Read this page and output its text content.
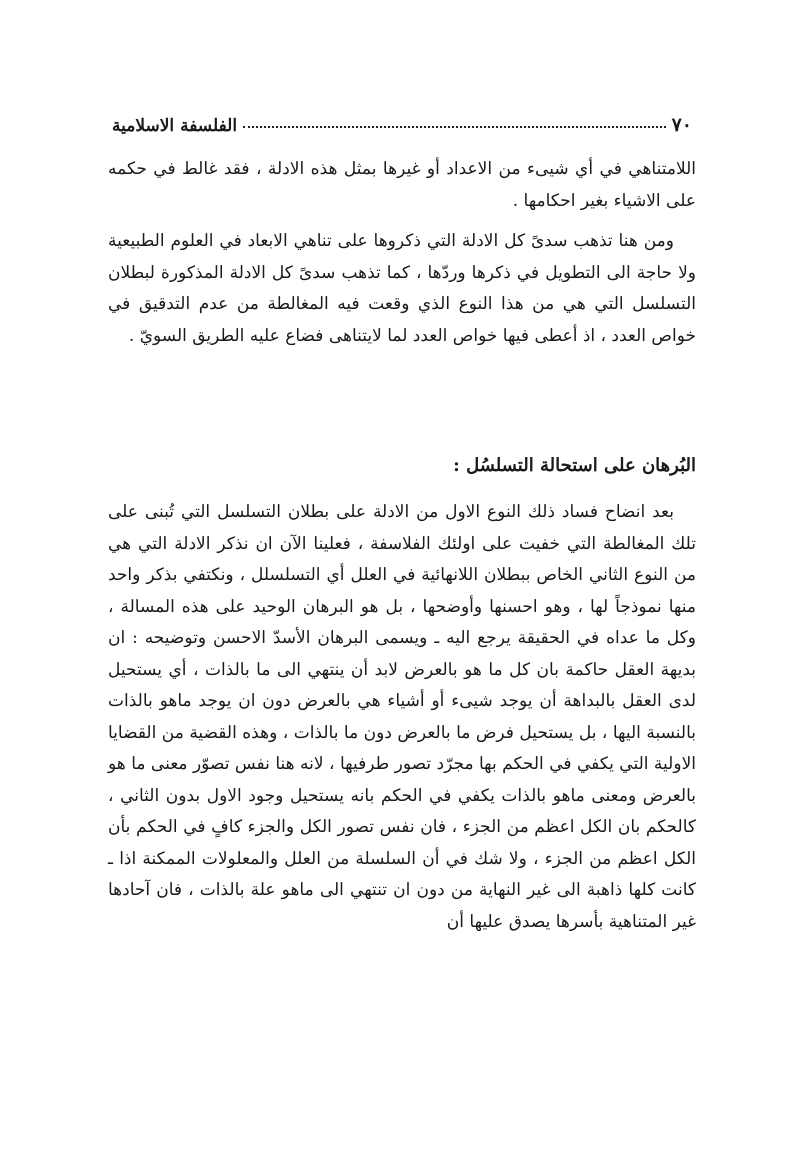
٧٠
الفلسفة الاسلامية

اللامتناهي في أي شيىء من الاعداد أو غيرها بمثل هذه الادلة ، فقد غالط في حكمه على الاشياء بغير احكامها .

ومن هنا تذهب سدىً كل الادلة التي ذكروها على تناهي الابعاد في العلوم الطبيعية ولا حاجة الى التطويل في ذكرها وردّها ، كما تذهب سدىً كل الادلة المذكورة لبطلان التسلسل التي هي من هذا النوع الذي وقعت فيه المغالطة من عدم التدقيق في خواص العدد ، اذ أعطى فيها خواص العدد لما لايتناهى فضاع عليه الطريق السويّ .

البُرهان على استحالة التسلسُل :

بعد انضاح فساد ذلك النوع الاول من الادلة على بطلان التسلسل التي تُبنى على تلك المغالطة التي خفيت على اولئك الفلاسفة ، فعلينا الآن ان نذكر الادلة التي هي من النوع الثاني الخاص ببطلان اللانهائية في العلل أي التسلسلل ، ونكتفي بذكر واحد منها نموذجاً لها ، وهو احسنها وأوضحها ، بل هو البرهان الوحيد على هذه المسالة ، وكل ما عداه في الحقيقة يرجع اليه ـ ويسمى البرهان الأسدّ الاحسن وتوضيحه : ان بديهة العقل حاكمة بان كل ما هو بالعرض لابد أن ينتهي الى ما بالذات ، أي يستحيل لدى العقل بالبداهة أن يوجد شيىء أو أشياء هي بالعرض دون ان يوجد ماهو بالذات بالنسبة اليها ، بل يستحيل فرض ما بالعرض دون ما بالذات ، وهذه القضية من القضايا الاولية التي يكفي في الحكم بها مجرّد تصور طرفيها ، لانه هنا نفس تصوّر معنى ما هو بالعرض ومعنى ماهو بالذات يكفي في الحكم بانه يستحيل وجود الاول بدون الثاني ، كالحكم بان الكل اعظم من الجزء ، فان نفس تصور الكل والجزء كافٍ في الحكم بأن الكل اعظم من الجزء ، ولا شك في أن السلسلة من العلل والمعلولات الممكنة اذا ـ كانت كلها ذاهبة الى غير النهاية من دون ان تنتهي الى ماهو علة بالذات ، فان آحادها غير المتناهية بأسرها يصدق عليها أن
